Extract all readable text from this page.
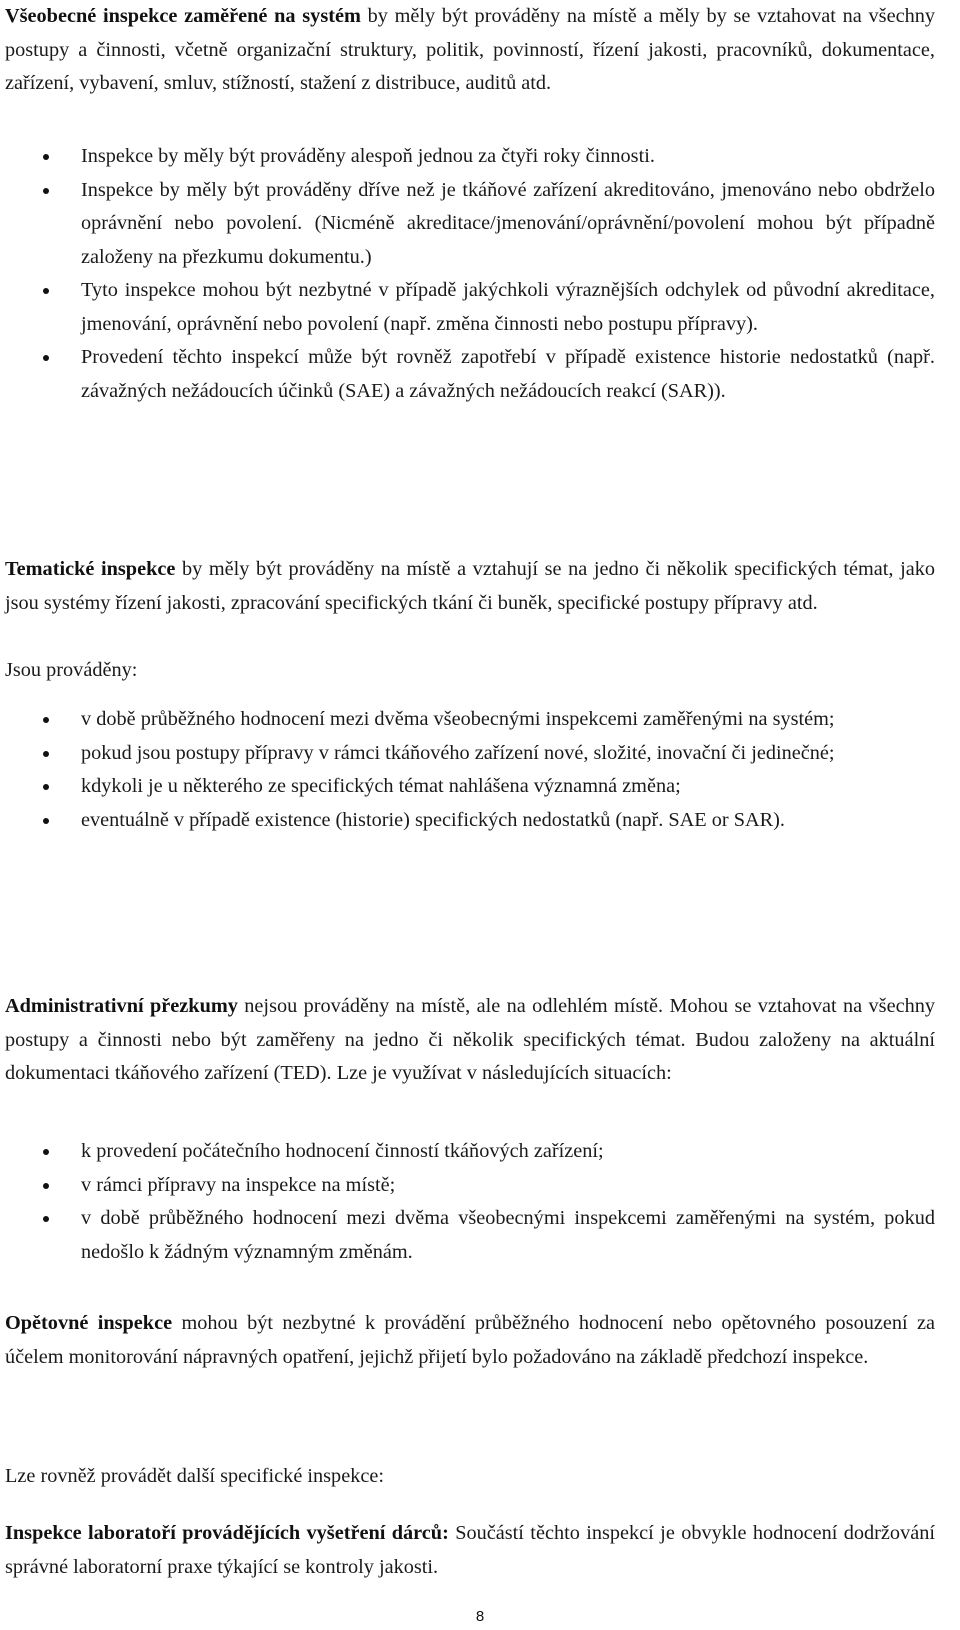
Všeobecné inspekce zaměřené na systém by měly být prováděny na místě a měly by se vztahovat na všechny postupy a činnosti, včetně organizační struktury, politik, povinností, řízení jakosti, pracovníků, dokumentace, zařízení, vybavení, smluv, stížností, stažení z distribuce, auditů atd.

Inspekce by měly být prováděny alespoň jednou za čtyři roky činnosti.
Inspekce by měly být prováděny dříve než je tkáňové zařízení akreditováno, jmenováno nebo obdrželo oprávnění nebo povolení. (Nicméně akreditace/jmenování/oprávnění/povolení mohou být případně založeny na přezkumu dokumentu.)
Tyto inspekce mohou být nezbytné v případě jakýchkoli výraznějších odchylek od původní akreditace, jmenování, oprávnění nebo povolení (např. změna činnosti nebo postupu přípravy).
Provedení těchto inspekcí může být rovněž zapotřebí v případě existence historie nedostatků (např. závažných nežádoucích účinků (SAE) a závažných nežádoucích reakcí (SAR)).

Tematické inspekce by měly být prováděny na místě a vztahují se na jedno či několik specifických témat, jako jsou systémy řízení jakosti, zpracování specifických tkání či buněk, specifické postupy přípravy atd.

Jsou prováděny:

v době průběžného hodnocení mezi dvěma všeobecnými inspekcemi zaměřenými na systém;
pokud jsou postupy přípravy v rámci tkáňového zařízení nové, složité, inovační či jedinečné;
kdykoli je u některého ze specifických témat nahlášena významná změna;
eventuálně v případě existence (historie) specifických nedostatků (např. SAE or SAR).

Administrativní přezkumy nejsou prováděny na místě, ale na odlehlém místě. Mohou se vztahovat na všechny postupy a činnosti nebo být zaměřeny na jedno či několik specifických témat. Budou založeny na aktuální dokumentaci tkáňového zařízení (TED). Lze je využívat v následujících situacích:

k provedení počátečního hodnocení činností tkáňových zařízení;
v rámci přípravy na inspekce na místě;
v době průběžného hodnocení mezi dvěma všeobecnými inspekcemi zaměřenými na systém, pokud nedošlo k žádným významným změnám.

Opětovné inspekce mohou být nezbytné k provádění průběžného hodnocení nebo opětovného posouzení za účelem monitorování nápravných opatření, jejichž přijetí bylo požadováno na základě předchozí inspekce.

Lze rovněž provádět další specifické inspekce:

Inspekce laboratoří provádějících vyšetření dárců: Součástí těchto inspekcí je obvykle hodnocení dodržování správné laboratorní praxe týkající se kontroly jakosti.

8
